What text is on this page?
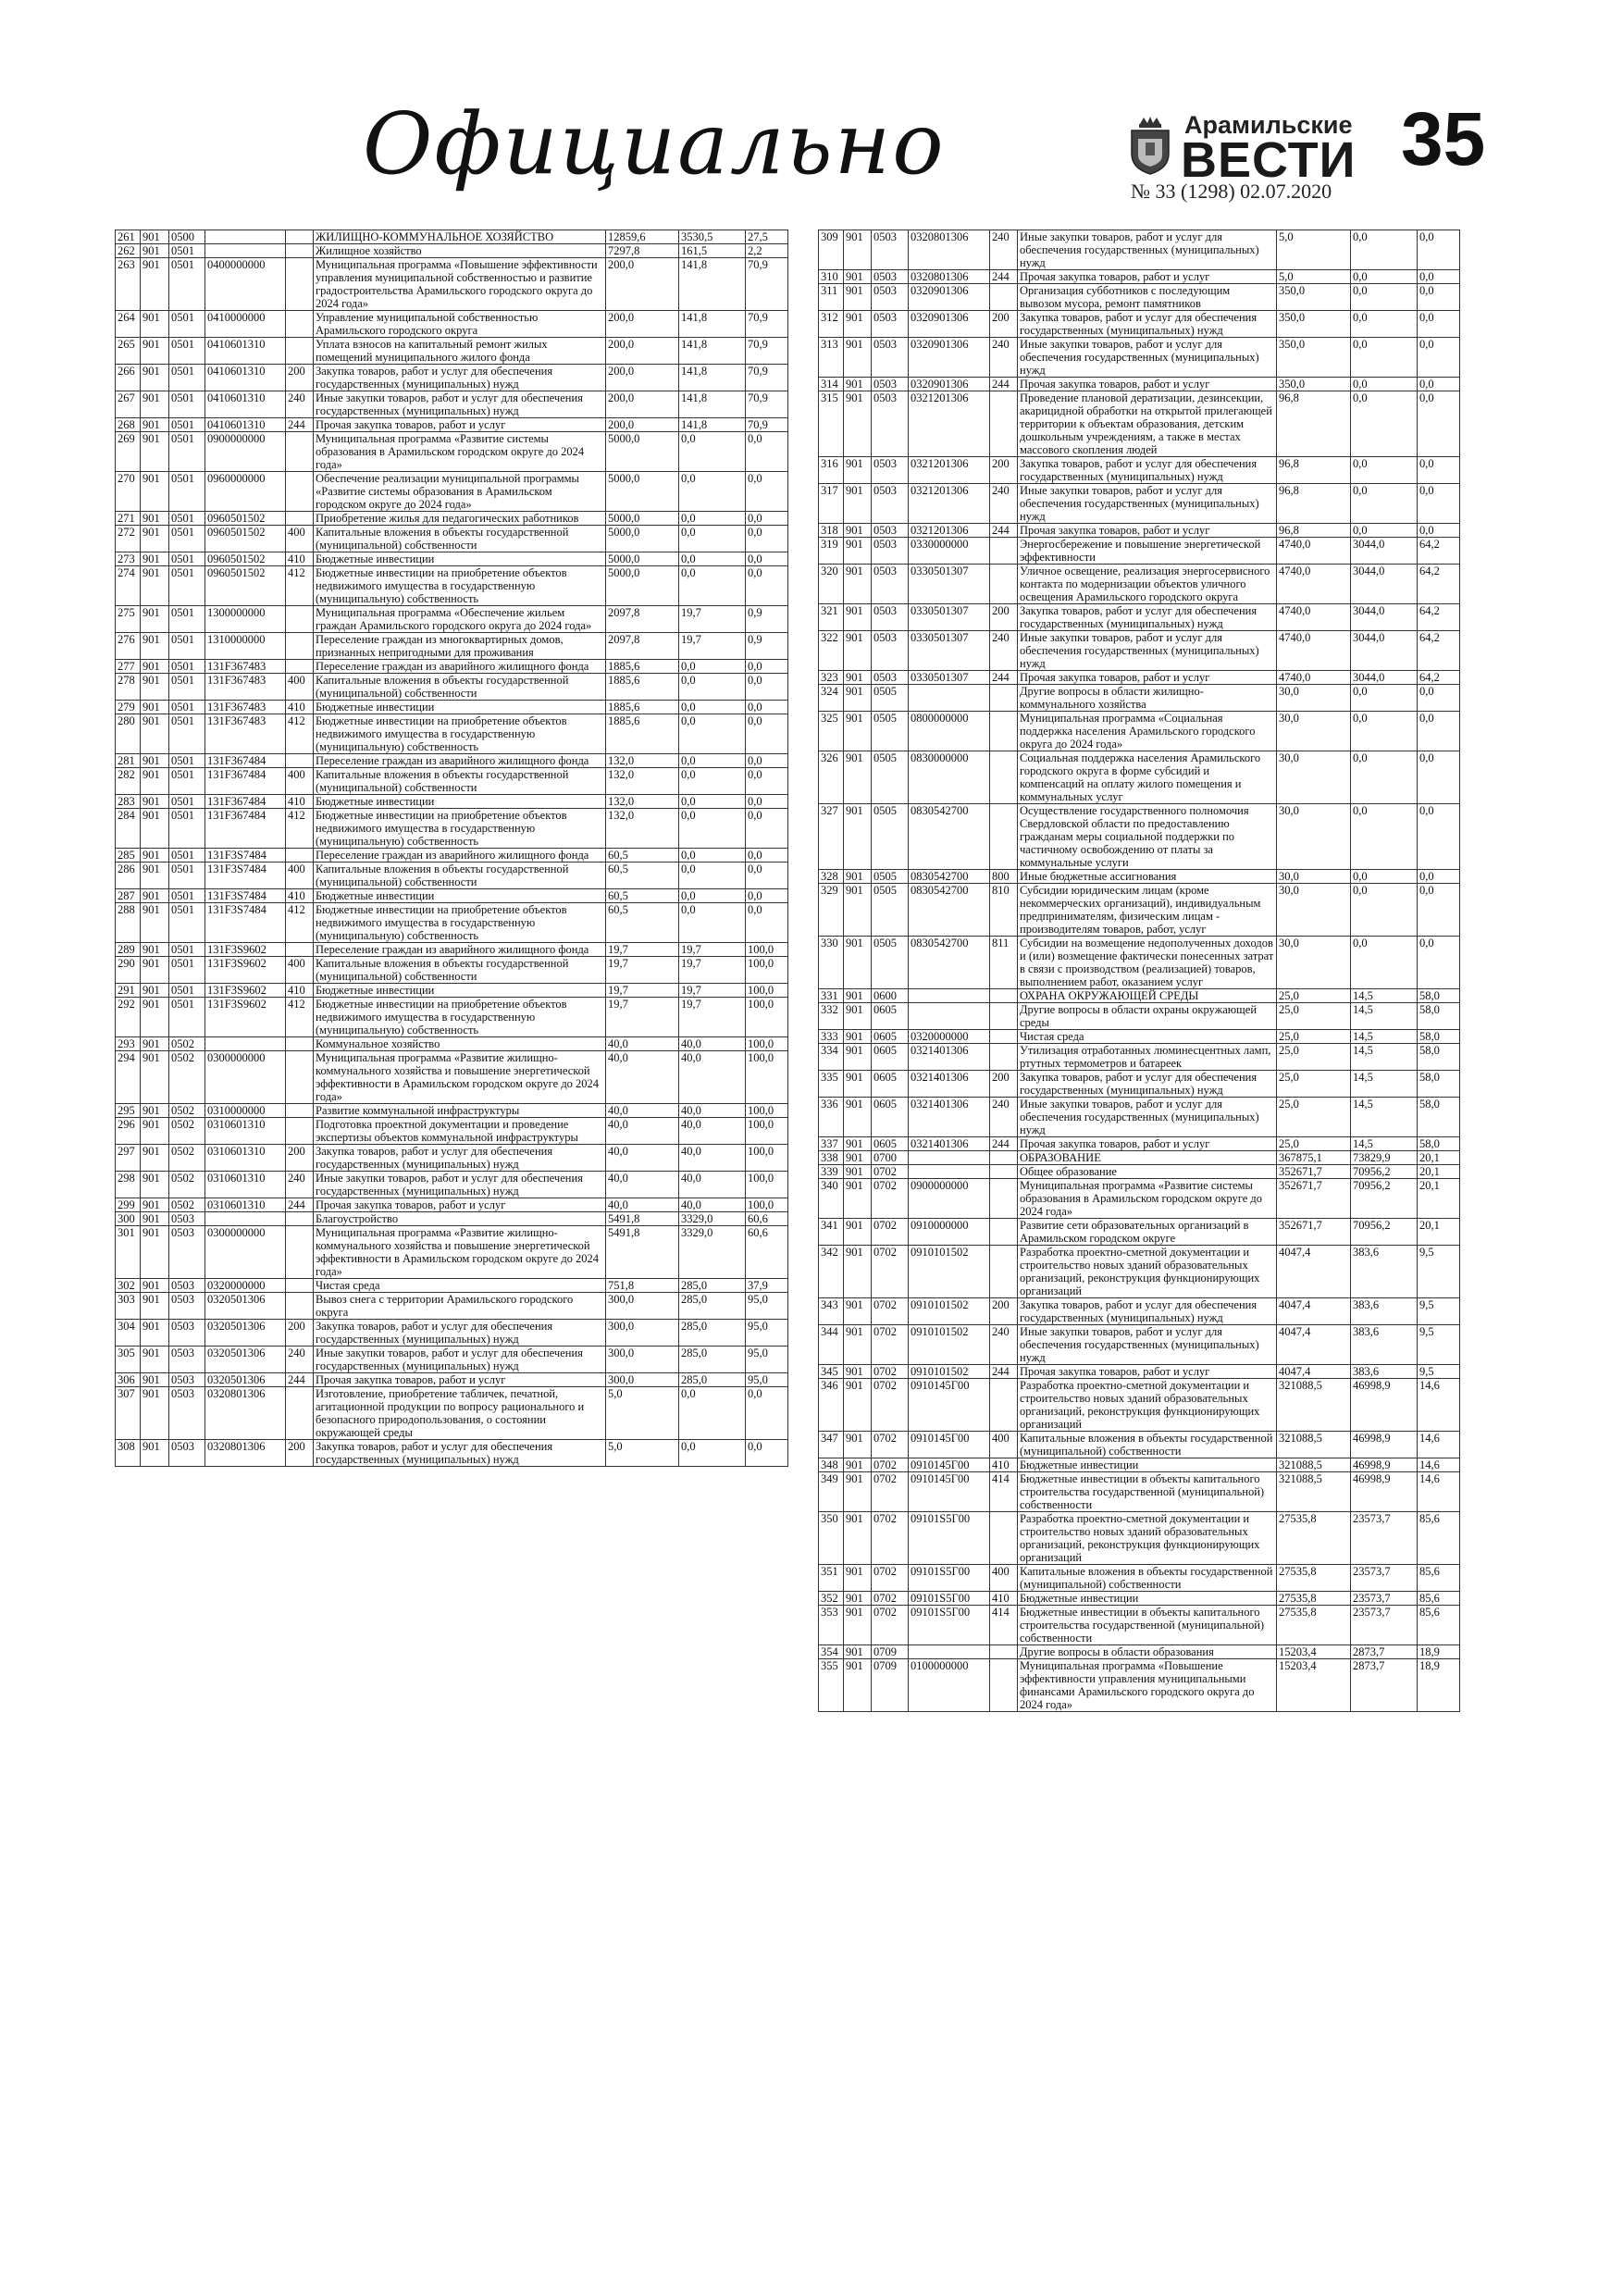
Официально	Арамильские
ВЕСТИ
№ 33 (1298) 02.07.2020
35
261	901	0500			ЖИЛИЩНО-КОММУНАЛЬНОЕ ХОЗЯЙСТВО	12859,6	3530,5	27,5
262	901	0501			Жилищное хозяйство	7297,8	161,5	2,2
263	901	0501	0400000000		Муниципальная программа «Повышение эффективности управления муниципальной собственностью и развитие градостроительства Арамильского городского округа до 2024 года»	200,0	141,8	70,9
264	901	0501	0410000000		Управление муниципальной собственностью Арамильского городского округа	200,0	141,8	70,9
265	901	0501	0410601310		Уплата взносов на капитальный ремонт жилых помещений муниципального жилого фонда	200,0	141,8	70,9
266	901	0501	0410601310	200	Закупка товаров, работ и услуг для обеспечения государственных (муниципальных) нужд	200,0	141,8	70,9
267	901	0501	0410601310	240	Иные закупки товаров, работ и услуг для обеспечения государственных (муниципальных) нужд	200,0	141,8	70,9
268	901	0501	0410601310	244	Прочая закупка товаров, работ и услуг	200,0	141,8	70,9
269	901	0501	0900000000		Муниципальная программа «Развитие системы образования в Арамильском городском округе до 2024 года»	5000,0	0,0	0,0
270	901	0501	0960000000		Обеспечение реализации муниципальной программы «Развитие системы образования в Арамильском городском округе до 2024 года»	5000,0	0,0	0,0
271	901	0501	0960501502		Приобретение жилья для педагогических работников	5000,0	0,0	0,0
272	901	0501	0960501502	400	Капитальные вложения в объекты государственной (муниципальной) собственности	5000,0	0,0	0,0
273	901	0501	0960501502	410	Бюджетные инвестиции	5000,0	0,0	0,0
274	901	0501	0960501502	412	Бюджетные инвестиции на приобретение объектов недвижимого имущества в государственную (муниципальную) собственность	5000,0	0,0	0,0
275	901	0501	1300000000		Муниципальная программа «Обеспечение жильем граждан Арамильского городского округа до 2024 года»	2097,8	19,7	0,9
276	901	0501	1310000000		Переселение граждан из многоквартирных домов, признанных непригодными для проживания	2097,8	19,7	0,9
277	901	0501	131F367483		Переселение граждан из аварийного жилищного фонда	1885,6	0,0	0,0
278	901	0501	131F367483	400	Капитальные вложения в объекты государственной (муниципальной) собственности	1885,6	0,0	0,0
279	901	0501	131F367483	410	Бюджетные инвестиции	1885,6	0,0	0,0
280	901	0501	131F367483	412	Бюджетные инвестиции на приобретение объектов недвижимого имущества в государственную (муниципальную) собственность	1885,6	0,0	0,0
281	901	0501	131F367484		Переселение граждан из аварийного жилищного фонда	132,0	0,0	0,0
282	901	0501	131F367484	400	Капитальные вложения в объекты государственной (муниципальной) собственности	132,0	0,0	0,0
283	901	0501	131F367484	410	Бюджетные инвестиции	132,0	0,0	0,0
284	901	0501	131F367484	412	Бюджетные инвестиции на приобретение объектов недвижимого имущества в государственную (муниципальную) собственность	132,0	0,0	0,0
285	901	0501	131F3S7484		Переселение граждан из аварийного жилищного фонда	60,5	0,0	0,0
286	901	0501	131F3S7484	400	Капитальные вложения в объекты государственной (муниципальной) собственности	60,5	0,0	0,0
287	901	0501	131F3S7484	410	Бюджетные инвестиции	60,5	0,0	0,0
288	901	0501	131F3S7484	412	Бюджетные инвестиции на приобретение объектов недвижимого имущества в государственную (муниципальную) собственность	60,5	0,0	0,0
289	901	0501	131F3S9602		Переселение граждан из аварийного жилищного фонда	19,7	19,7	100,0
290	901	0501	131F3S9602	400	Капитальные вложения в объекты государственной (муниципальной) собственности	19,7	19,7	100,0
291	901	0501	131F3S9602	410	Бюджетные инвестиции	19,7	19,7	100,0
292	901	0501	131F3S9602	412	Бюджетные инвестиции на приобретение объектов недвижимого имущества в государственную (муниципальную) собственность	19,7	19,7	100,0
293	901	0502			Коммунальное хозяйство	40,0	40,0	100,0
294	901	0502	0300000000		Муниципальная программа «Развитие жилищно-коммунального хозяйства и повышение энергетической эффективности в Арамильском городском округе до 2024 года»	40,0	40,0	100,0
295	901	0502	0310000000		Развитие коммунальной инфраструктуры	40,0	40,0	100,0
296	901	0502	0310601310		Подготовка проектной документации и проведение экспертизы объектов коммунальной инфраструктуры	40,0	40,0	100,0
297	901	0502	0310601310	200	Закупка товаров, работ и услуг для обеспечения государственных (муниципальных) нужд	40,0	40,0	100,0
298	901	0502	0310601310	240	Иные закупки товаров, работ и услуг для обеспечения государственных (муниципальных) нужд	40,0	40,0	100,0
299	901	0502	0310601310	244	Прочая закупка товаров, работ и услуг	40,0	40,0	100,0
300	901	0503			Благоустройство	5491,8	3329,0	60,6
301	901	0503	0300000000		Муниципальная программа «Развитие жилищно-коммунального хозяйства и повышение энергетической эффективности в Арамильском городском округе до 2024 года»	5491,8	3329,0	60,6
302	901	0503	0320000000		Чистая среда	751,8	285,0	37,9
303	901	0503	0320501306		Вывоз снега с территории Арамильского городского округа	300,0	285,0	95,0
304	901	0503	0320501306	200	Закупка товаров, работ и услуг для обеспечения государственных (муниципальных) нужд	300,0	285,0	95,0
305	901	0503	0320501306	240	Иные закупки товаров, работ и услуг для обеспечения государственных (муниципальных) нужд	300,0	285,0	95,0
306	901	0503	0320501306	244	Прочая закупка товаров, работ и услуг	300,0	285,0	95,0
307	901	0503	0320801306		Изготовление, приобретение табличек, печатной, агитационной продукции по вопросу рационального и безопасного природопользования, о состоянии окружающей среды	5,0	0,0	0,0
308	901	0503	0320801306	200	Закупка товаров, работ и услуг для обеспечения государственных (муниципальных) нужд	5,0	0,0	0,0
309	901	0503	0320801306	240	Иные закупки товаров, работ и услуг для обеспечения государственных (муниципальных) нужд	5,0	0,0	0,0
310	901	0503	0320801306	244	Прочая закупка товаров, работ и услуг	5,0	0,0	0,0
311	901	0503	0320901306		Организация субботников с последующим вывозом мусора, ремонт памятников	350,0	0,0	0,0
312	901	0503	0320901306	200	Закупка товаров, работ и услуг для обеспечения государственных (муниципальных) нужд	350,0	0,0	0,0
313	901	0503	0320901306	240	Иные закупки товаров, работ и услуг для обеспечения государственных (муниципальных) нужд	350,0	0,0	0,0
314	901	0503	0320901306	244	Прочая закупка товаров, работ и услуг	350,0	0,0	0,0
315	901	0503	0321201306		Проведение плановой дератизации, дезинсекции, акарицидной обработки на открытой прилегающей территории к объектам образования, детским дошкольным учреждениям, а также в местах массового скопления людей	96,8	0,0	0,0
316	901	0503	0321201306	200	Закупка товаров, работ и услуг для обеспечения государственных (муниципальных) нужд	96,8	0,0	0,0
317	901	0503	0321201306	240	Иные закупки товаров, работ и услуг для обеспечения государственных (муниципальных) нужд	96,8	0,0	0,0
318	901	0503	0321201306	244	Прочая закупка товаров, работ и услуг	96,8	0,0	0,0
319	901	0503	0330000000		Энергосбережение и повышение энергетической эффективности	4740,0	3044,0	64,2
320	901	0503	0330501307		Уличное освещение, реализация энергосервисного контакта по модернизации объектов уличного освещения Арамильского городского округа	4740,0	3044,0	64,2
321	901	0503	0330501307	200	Закупка товаров, работ и услуг для обеспечения государственных (муниципальных) нужд	4740,0	3044,0	64,2
322	901	0503	0330501307	240	Иные закупки товаров, работ и услуг для обеспечения государственных (муниципальных) нужд	4740,0	3044,0	64,2
323	901	0503	0330501307	244	Прочая закупка товаров, работ и услуг	4740,0	3044,0	64,2
324	901	0505			Другие вопросы в области жилищно-коммунального хозяйства	30,0	0,0	0,0
325	901	0505	0800000000		Муниципальная программа «Социальная поддержка населения Арамильского городского округа до 2024 года»	30,0	0,0	0,0
326	901	0505	0830000000		Социальная поддержка населения Арамильского городского округа в форме субсидий и компенсаций на оплату жилого помещения и коммунальных услуг	30,0	0,0	0,0
327	901	0505	0830542700		Осуществление государственного полномочия Свердловской области по предоставлению гражданам меры социальной поддержки по частичному освобождению от платы за коммунальные услуги	30,0	0,0	0,0
328	901	0505	0830542700	800	Иные бюджетные ассигнования	30,0	0,0	0,0
329	901	0505	0830542700	810	Субсидии юридическим лицам (кроме некоммерческих организаций), индивидуальным предпринимателям, физическим лицам - производителям товаров, работ, услуг	30,0	0,0	0,0
330	901	0505	0830542700	811	Субсидии на возмещение недополученных доходов и (или) возмещение фактически понесенных затрат в связи с производством (реализацией) товаров, выполнением работ, оказанием услуг	30,0	0,0	0,0
331	901	0600			ОХРАНА ОКРУЖАЮЩЕЙ СРЕДЫ	25,0	14,5	58,0
332	901	0605			Другие вопросы в области охраны окружающей среды	25,0	14,5	58,0
333	901	0605	0320000000		Чистая среда	25,0	14,5	58,0
334	901	0605	0321401306		Утилизация отработанных люминесцентных ламп, ртутных термометров и батареек	25,0	14,5	58,0
335	901	0605	0321401306	200	Закупка товаров, работ и услуг для обеспечения государственных (муниципальных) нужд	25,0	14,5	58,0
336	901	0605	0321401306	240	Иные закупки товаров, работ и услуг для обеспечения государственных (муниципальных) нужд	25,0	14,5	58,0
337	901	0605	0321401306	244	Прочая закупка товаров, работ и услуг	25,0	14,5	58,0
338	901	0700			ОБРАЗОВАНИЕ	367875,1	73829,9	20,1
339	901	0702			Общее образование	352671,7	70956,2	20,1
340	901	0702	0900000000		Муниципальная программа «Развитие системы образования в Арамильском городском округе до 2024 года»	352671,7	70956,2	20,1
341	901	0702	0910000000		Развитие сети образовательных организаций в Арамильском городском округе	352671,7	70956,2	20,1
342	901	0702	0910101502		Разработка проектно-сметной документации и строительство новых зданий образовательных организаций, реконструкция функционирующих организаций	4047,4	383,6	9,5
343	901	0702	0910101502	200	Закупка товаров, работ и услуг для обеспечения государственных (муниципальных) нужд	4047,4	383,6	9,5
344	901	0702	0910101502	240	Иные закупки товаров, работ и услуг для обеспечения государственных (муниципальных) нужд	4047,4	383,6	9,5
345	901	0702	0910101502	244	Прочая закупка товаров, работ и услуг	4047,4	383,6	9,5
346	901	0702	0910145Г00		Разработка проектно-сметной документации и строительство новых зданий образовательных организаций, реконструкция функционирующих организаций	321088,5	46998,9	14,6
347	901	0702	0910145Г00	400	Капитальные вложения в объекты государственной (муниципальной) собственности	321088,5	46998,9	14,6
348	901	0702	0910145Г00	410	Бюджетные инвестиции	321088,5	46998,9	14,6
349	901	0702	0910145Г00	414	Бюджетные инвестиции в объекты капитального строительства государственной (муниципальной) собственности	321088,5	46998,9	14,6
350	901	0702	09101S5Г00		Разработка проектно-сметной документации и строительство новых зданий образовательных организаций, реконструкция функционирующих организаций	27535,8	23573,7	85,6
351	901	0702	09101S5Г00	400	Капитальные вложения в объекты государственной (муниципальной) собственности	27535,8	23573,7	85,6
352	901	0702	09101S5Г00	410	Бюджетные инвестиции	27535,8	23573,7	85,6
353	901	0702	09101S5Г00	414	Бюджетные инвестиции в объекты капитального строительства государственной (муниципальной) собственности	27535,8	23573,7	85,6
354	901	0709			Другие вопросы в области образования	15203,4	2873,7	18,9
355	901	0709	0100000000		Муниципальная программа «Повышение эффективности управления муниципальными финансами Арамильского городского округа до 2024 года»	15203,4	2873,7	18,9
